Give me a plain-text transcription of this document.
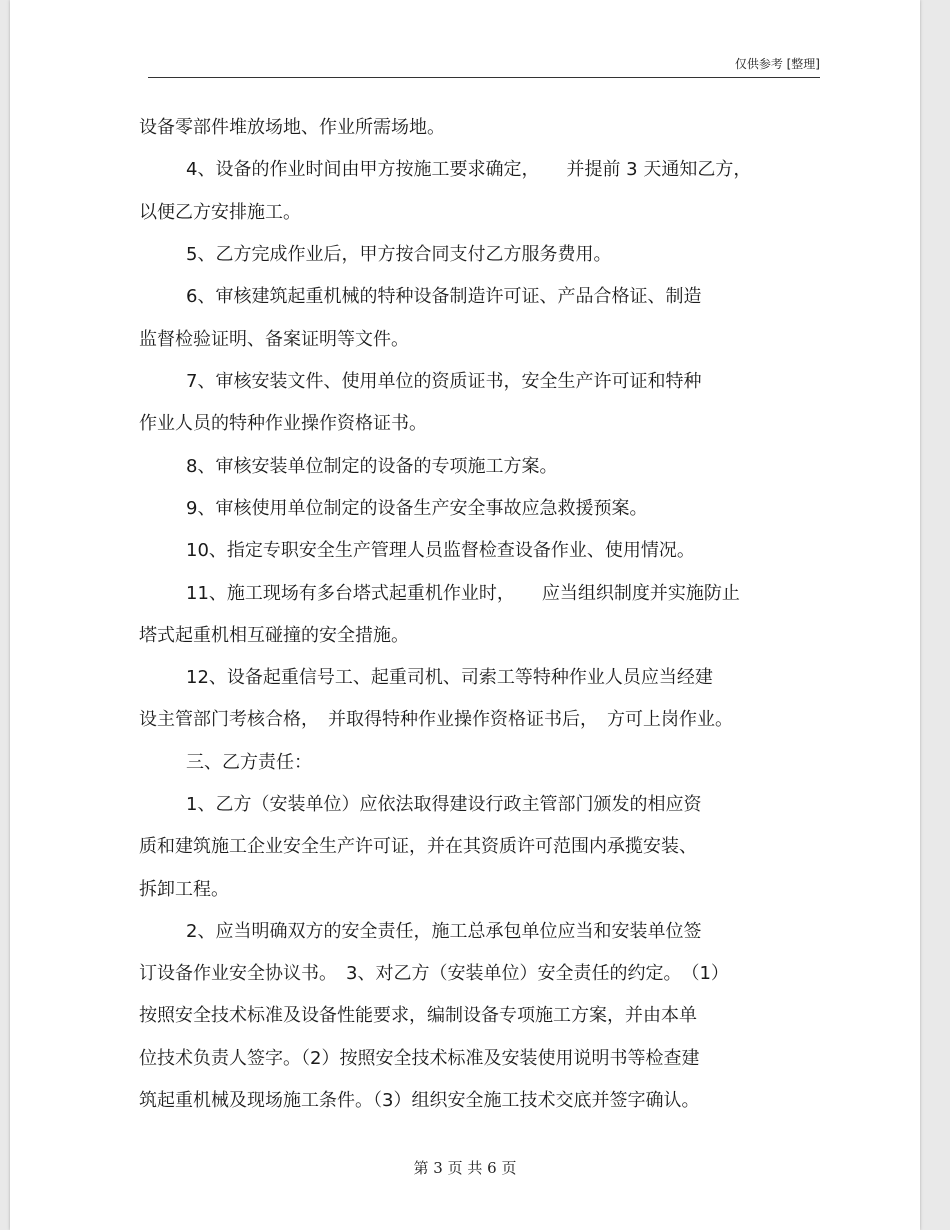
仅供参考 [整理]
设备零部件堆放场地、作业所需场地。
4、设备的作业时间由甲方按施工要求确定，　　并提前 3 天通知乙方，
以便乙方安排施工。
5、乙方完成作业后，甲方按合同支付乙方服务费用。
6、审核建筑起重机械的特种设备制造许可证、产品合格证、制造
监督检验证明、备案证明等文件。
7、审核安装文件、使用单位的资质证书，安全生产许可证和特种
作业人员的特种作业操作资格证书。
8、审核安装单位制定的设备的专项施工方案。
9、审核使用单位制定的设备生产安全事故应急救援预案。
10、指定专职安全生产管理人员监督检查设备作业、使用情况。
11、施工现场有多台塔式起重机作业时，　　应当组织制度并实施防止
塔式起重机相互碰撞的安全措施。
12、设备起重信号工、起重司机、司索工等特种作业人员应当经建
设主管部门考核合格，　并取得特种作业操作资格证书后，　方可上岗作业。
三、乙方责任：
1、乙方（安装单位）应依法取得建设行政主管部门颁发的相应资
质和建筑施工企业安全生产许可证，并在其资质许可范围内承揽安装、
拆卸工程。
2、应当明确双方的安全责任，施工总承包单位应当和安装单位签
订设备作业安全协议书。　3、对乙方（安装单位）安全责任的约定。　（1）
按照安全技术标准及设备性能要求，编制设备专项施工方案，并由本单
位技术负责人签字。（2）按照安全技术标准及安装使用说明书等检查建
筑起重机械及现场施工条件。（3）组织安全施工技术交底并签字确认。
第 3 页 共 6 页
